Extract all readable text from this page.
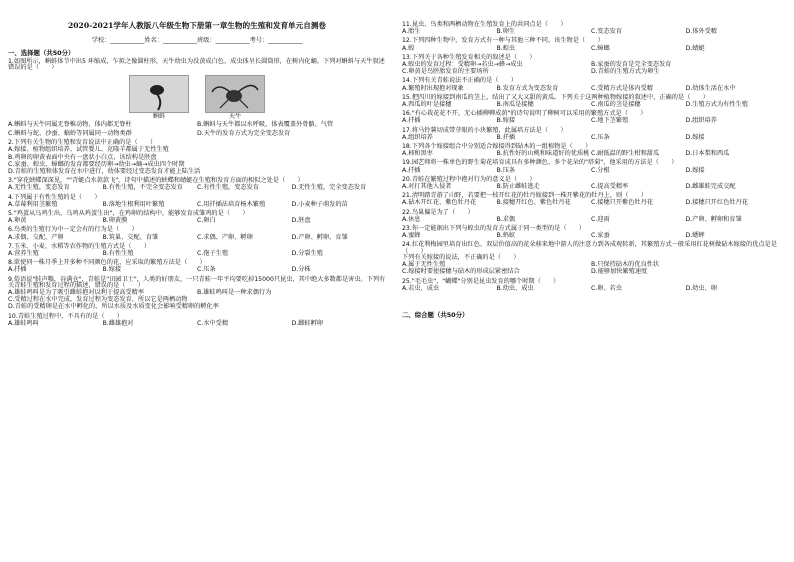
2020-2021学年人教版八年级生物下册第一章生物的生殖和发育单元自测卷
学校：___________姓名：___________班级：___________考号：___________
一、选择题（共50分）
1.如图所示，蝌蚪体节中出5 环缩成，乍拟之像圆柱形，天牛幼虫为没黄成白色，成虫体呈长圆筒形，在树内化蛹。下列对蝌蚪与天牛叙述错误的是（　　）
蝌蚪	天牛
A.蝌蚪与天牛同属无脊椎动物，体内都无脊柱	B.蝌蚪与天牛都以水呼吸，体表覆盖外骨骼、气管
C.蝌蚪与蛇、沙蚕、蜗蛉等同属同一动物类群	D.天牛的发育方式为完全变态发育
2.下列有关生物的生殖和发育说法中正确的是（　　）
A.嫁接、植物组织培养、试管婴儿、克隆羊都属于无性生殖
B.鸡卵的卵黄表面中央有一盘状小白点，该结构是胚盘
C.家蚕、蝗虫、蟑螂的发育都要经历卵→幼虫→蛹→成虫四个时期
D.青蛙的生殖和体发育在水中进行，幼体要经过变态发育才能上陆生活
3."穿花蛱蝶深深见，""青蜓点水款款飞"。诗句中描述的蛱蝶和蜻蜓在生殖和发育方面的相似之处是（　　）
A.无性生殖，变态发育	B.有性生殖，不完全变态发育	C.有性生殖，变态发育	D.无性生殖，完全变态发育
4.下列属于有性生殖的是（　　）
A.草莓利用茎繁殖	B.落地生根利用叶繁殖	C.用扦插法培育杨木繁殖	D.小麦种子萌发的苗
5."鸡蛋从乌鸡生出，乌鸡从鸡蛋生出"，在鸡卵的结构中，能够发育成雏鸡的是（　　）
A.卵黄	B.卵黄膜	C.卵白	D.胚盘
6.鸟类的生殖行为中一定会有的行为是（　　）
A.求偶、交配、产卵	B.筑巢、交配、育雏	C.求偶、产卵、孵卵	D.产卵、孵卵、育雏
7.玉米、小麦、水稻等农作物的生殖方式是（　　）
A.营养生殖	B.有性生殖	C.孢子生殖	D.分裂生殖
8.欲使同一株月季上开多种不同颜色的花，应采取的繁殖方法是（　　）
A.扦插	B.嫁接	C.压条	D.分株
9.俗语说"蛙声嗡，谷满仓"，青蛙是"田园卫士"，人类的好朋友，一只青蛙一年平均要吃掉15000只昆虫，其中绝大多数都是害虫。下列有关青蛙生殖和发育过程的描述，错误的是（　　）
A.雄蛙鸣叫是为了吸引雌蛙抱对以利于提高受精率	B.雄蛙鸣叫是一种求偶行为
C.受精过程在水中完成，发育过程为变态发育，所以它是两栖动物
D.青蛙的受精卵是在水中孵化的，所以水质及水质变化会影响受精卵的孵化率
10.青蛙生殖过程中，不具有的是（　　）
A.雄蛙鸣叫	B.雌雄抱对	C.水中受精	D.雌蛙孵卵
11.昆虫、鸟类和两栖动物在生殖发育上的共同点是（　　）
A.胎生	B.卵生	C.变态发育	D.体外受精
12.下列四种生物中，发育方式有一种与其他三种不同，该生物是（　　）
A.蝗	B.蝗虫	C.蟑螂	D.蜻蜓
13.下列关于各种生殖发育相关的叙述是（　　）
A.蝗虫的发育过程：受精卵→若虫→蜂→成虫	B.家蚕的发育是完全变态发育
C.卵黄是鸟胚胎发育的主要场所	D.青蛙的生殖方式为卵生
14.下列有关青蛙说法不正确的是（　　）
A.繁殖时出现抱对现象	B.发育方式为变态发育	C.受精方式是体内受精	D.幼体生活在水中
15.把四川的嫁接到南瓜的茎上，结出了又大又甜的黄瓜。下列关于这两种植物嫁接的叙述中，正确的是（　　）
A.西瓜的叶是接穗	B.南瓜是接穗	C.南瓜的茎是接穗	D.生殖方式为有性生殖
16."有心栽花花不开，无心插柳柳成荫"的诗句说明了柳树可以采用的繁殖方式是（　　）
A.扦插	B.嫁接	C.地下茎繁殖	D.组织培养
17.将马铃薯切成带芽眼的小块繁殖，此属培方法是（　　）
A.组织培养	B.扦插	C.压条	D.嫁接
18.下列各个嫁接组合中分别适合嫁接得到砧木的一组植物是（　　）
A.柿和黑枣	B.抗性好的山桃和味道好的优质桃 C.耐低温的野生柑和甜瓜	D.日本梨和西瓜
19.园艺师将一株单色的野生菊花培育成具有多种颜色、多个花朵的"塔菊"，他采用的方法是（　　）
A.扦插	B.压条	C.分根	D.嫁接
20.青蛙在繁殖过程中抱对行为的意义是（　　）
A.对打其他入侵者	B.防止雌蛙逃走	C.提高受精率	D.雌雄蛙完成交配
21.清明踏青游了山野，若要把一枝开红花的牡丹嫁接到一株开紫花的牡丹上，则（　　）
A.砧木开红花、紫色牡丹花	B.接穗开红色、紫色牡丹花	C.接穗只开紫色牡丹花	D.接穗只开红色牡丹花
22.鸟巢偏是为了（　　）
A.休息	B.求偶	C.迎雨	D.产卵、孵卵和育雏
23.你一定能据出下列与蝗虫的发育方式属于同一类型的是（　　）
A.蜜蜂	B.蚂蚁	C.家蚕	D.蟋蟀
24.扛花利梅园里培育出红色、双层价值高的花朵移来地中游人的注意力到各成观转新，其繁殖方式一般采用扛花树做砧木嫁接的优点是是（　　）
下列有关嫁接的说法，不正确的是（　　）
A.属于无性生殖	B.只保持砧木的优良性状
C.嫁接时要使接穗与砧木的形成层紧密结合	D.能够加快繁殖速度
25."毛毛虫"、"蝴蝶"分别是昆虫发育的哪个时期（　　）
A.若虫、成虫	B.幼虫、成虫	C.卵、若虫	D.幼虫、卵
二、综合题（共50分）
